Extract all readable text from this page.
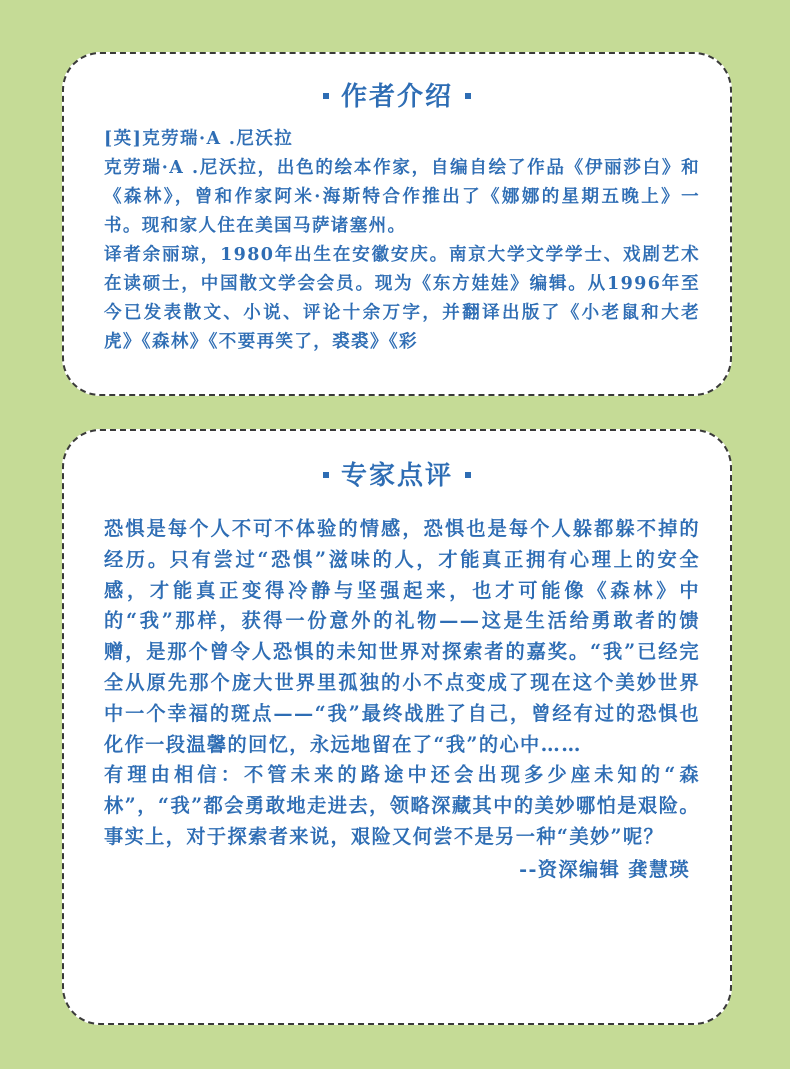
作者介绍

[英]克劳瑞·A .尼沃拉

克劳瑞·A .尼沃拉，出色的绘本作家，自编自绘了作品《伊丽莎白》和《森林》，曾和作家阿米·海斯特合作推出了《娜娜的星期五晚上》一书。现和家人住在美国马萨诸塞州。

译者余丽琼，1980年出生在安徽安庆。南京大学文学学士、戏剧艺术在读硕士，中国散文学会会员。现为《东方娃娃》编辑。从1996年至今已发表散文、小说、评论十余万字，并翻译出版了《小老鼠和大老虎》《森林》《不要再笑了，裘裘》《彩

专家点评

恐惧是每个人不可不体验的情感，恐惧也是每个人躲都躲不掉的经历。只有尝过“恐惧”滋味的人，才能真正拥有心理上的安全感，才能真正变得冷静与坚强起来，也才可能像《森林》中的“我”那样，获得一份意外的礼物——这是生活给勇敢者的馈赠，是那个曾令人恐惧的未知世界对探索者的嘉奖。“我”已经完全从原先那个庞大世界里孤独的小不点变成了现在这个美妙世界中一个幸福的斑点——“我”最终战胜了自己，曾经有过的恐惧也化作一段温馨的回忆，永远地留在了“我”的心中……

有理由相信：不管未来的路途中还会出现多少座未知的“森林”，“我”都会勇敢地走进去，领略深藏其中的美妙哪怕是艰险。事实上，对于探索者来说，艰险又何尝不是另一种“美妙”呢？

--资深编辑 龚慧瑛
